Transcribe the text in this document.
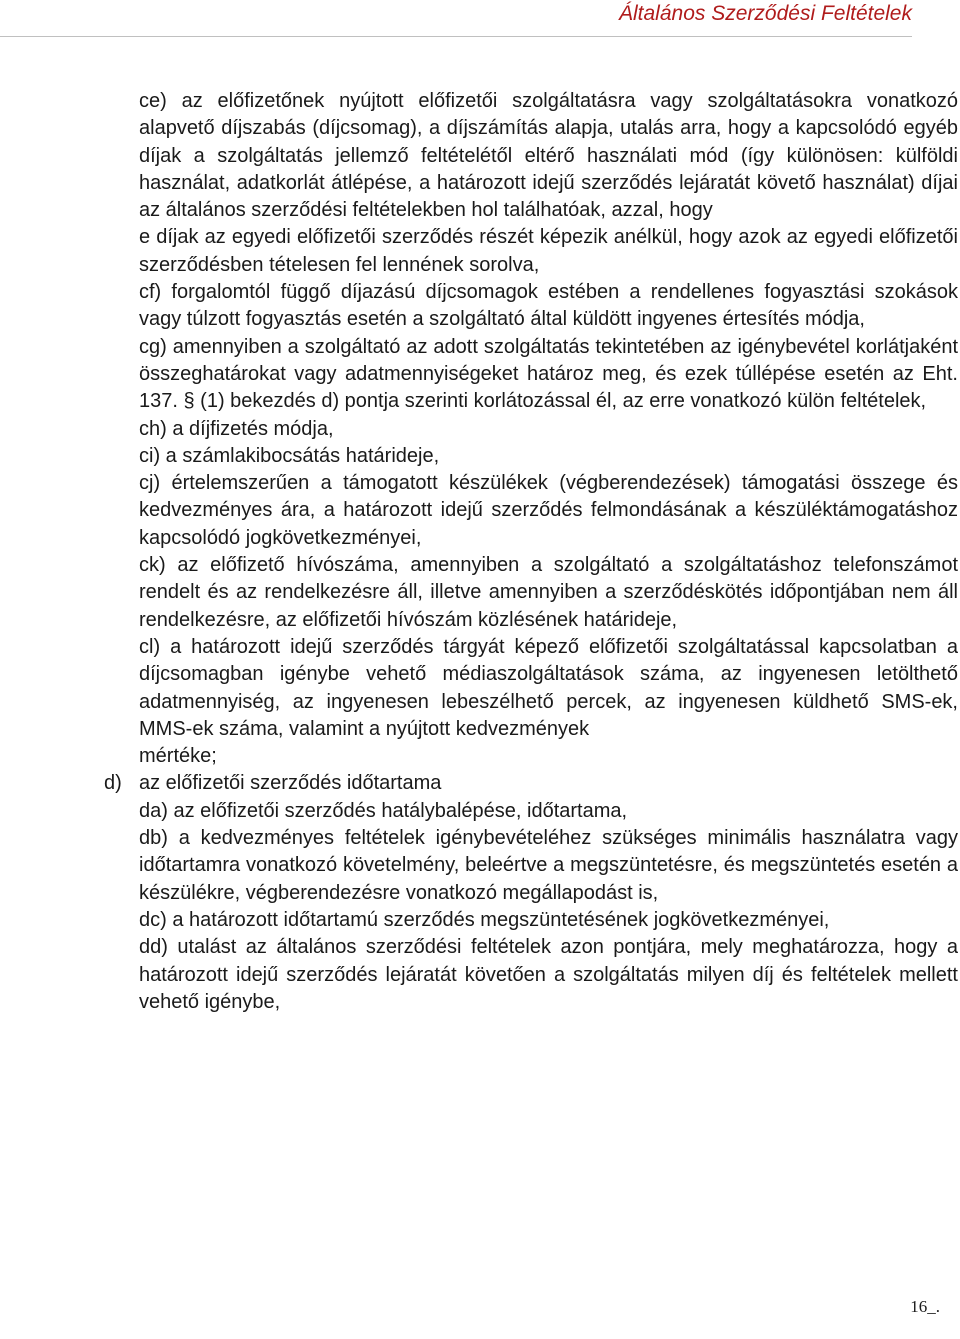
Általános Szerződési Feltételek

ce) az előfizetőnek nyújtott előfizetői szolgáltatásra vagy szolgáltatásokra vonatkozó alapvető díjszabás (díjcsomag), a díjszámítás alapja, utalás arra, hogy a kapcsolódó egyéb díjak a szolgáltatás jellemző feltételétől eltérő használati mód (így különösen: külföldi használat, adatkorlát átlépése, a határozott idejű szerződés lejáratát követő használat) díjai az általános szerződési feltételekben hol találhatóak, azzal, hogy

e díjak az egyedi előfizetői szerződés részét képezik anélkül, hogy azok az egyedi előfizetői szerződésben tételesen fel lennének sorolva,

cf) forgalomtól függő díjazású díjcsomagok estében a rendellenes fogyasztási szokások vagy túlzott fogyasztás esetén a szolgáltató által küldött ingyenes értesítés módja,

cg) amennyiben a szolgáltató az adott szolgáltatás tekintetében az igénybevétel korlátjaként összeghatárokat vagy adatmennyiségeket határoz meg, és ezek túllépése esetén az Eht. 137. § (1) bekezdés d) pontja szerinti korlátozással él, az erre vonatkozó külön feltételek,

ch) a díjfizetés módja,

ci) a számlakibocsátás határideje,

cj) értelemszerűen a támogatott készülékek (végberendezések) támogatási összege és kedvezményes ára, a határozott idejű szerződés felmondásának a készüléktámogatáshoz kapcsolódó jogkövetkezményei,

ck) az előfizető hívószáma, amennyiben a szolgáltató a szolgáltatáshoz telefonszámot rendelt és az rendelkezésre áll, illetve amennyiben a szerződéskötés időpontjában nem áll rendelkezésre, az előfizetői hívószám közlésének határideje,

cl) a határozott idejű szerződés tárgyát képező előfizetői szolgáltatással kapcsolatban a díjcsomagban igénybe vehető médiaszolgáltatások száma, az ingyenesen letölthető adatmennyiség, az ingyenesen lebeszélhető percek, az ingyenesen küldhető SMS-ek, MMS-ek száma, valamint a nyújtott kedvezmények

mértéke;

d) az előfizetői szerződés időtartama

da) az előfizetői szerződés hatálybalépése, időtartama,

db) a kedvezményes feltételek igénybevételéhez szükséges minimális használatra vagy időtartamra vonatkozó követelmény, beleértve a megszüntetésre, és megszüntetés esetén a készülékre, végberendezésre vonatkozó megállapodást is,

dc) a határozott időtartamú szerződés megszüntetésének jogkövetkezményei,

dd) utalást az általános szerződési feltételek azon pontjára, mely meghatározza, hogy a határozott idejű szerződés lejáratát követően a szolgáltatás milyen díj és feltételek mellett vehető igénybe,

16_.
